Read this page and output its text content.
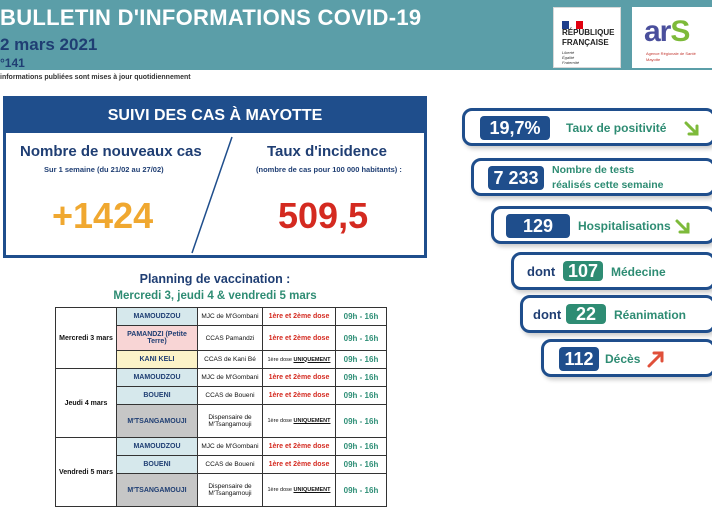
BULLETIN D'INFORMATIONS COVID-19
2 mars 2021
°141
informations publiées sont mises à jour quotidiennement
RÉPUBLIQUE
FRANÇAISE
Liberté
Égalité
Fraternité
arS
Agence Régionale de Santé
Mayotte
SUIVI DES CAS À MAYOTTE
Nombre de nouveaux cas
Sur 1 semaine (du 21/02 au 27/02)
+1424
Taux d'incidence
(nombre de cas pour 100 000 habitants) :
509,5
Planning de vaccination :
Mercredi 3, jeudi 4 & vendredi 5 mars
Mercredi 3 mars	MAMOUDZOU	MJC de M'Gombani	1ère et 2ème dose	09h - 16h
	PAMANDZI (Petite Terre)	CCAS Pamandzi	1ère et 2ème dose	09h - 16h
	KANI KELI	CCAS de Kani Bé	1ère dose UNIQUEMENT	09h - 16h
Jeudi 4 mars	MAMOUDZOU	MJC de M'Gombani	1ère et 2ème dose	09h - 16h
	BOUENI	CCAS de Boueni	1ère et 2ème dose	09h - 16h
	M'TSANGAMOUJI	Dispensaire de M'Tsangamouji	1ère dose UNIQUEMENT	09h - 16h
Vendredi 5 mars	MAMOUDZOU	MJC de M'Gombani	1ère et 2ème dose	09h - 16h
	BOUENI	CCAS de Boueni	1ère et 2ème dose	09h - 16h
	M'TSANGAMOUJI	Dispensaire de M'Tsangamouji	1ère dose UNIQUEMENT	09h - 16h
19,7%	Taux de positivité
7 233	Nombre de tests
réalisés cette semaine
129	Hospitalisations
dont 107	Médecine
dont 22	Réanimation
112 Décès
